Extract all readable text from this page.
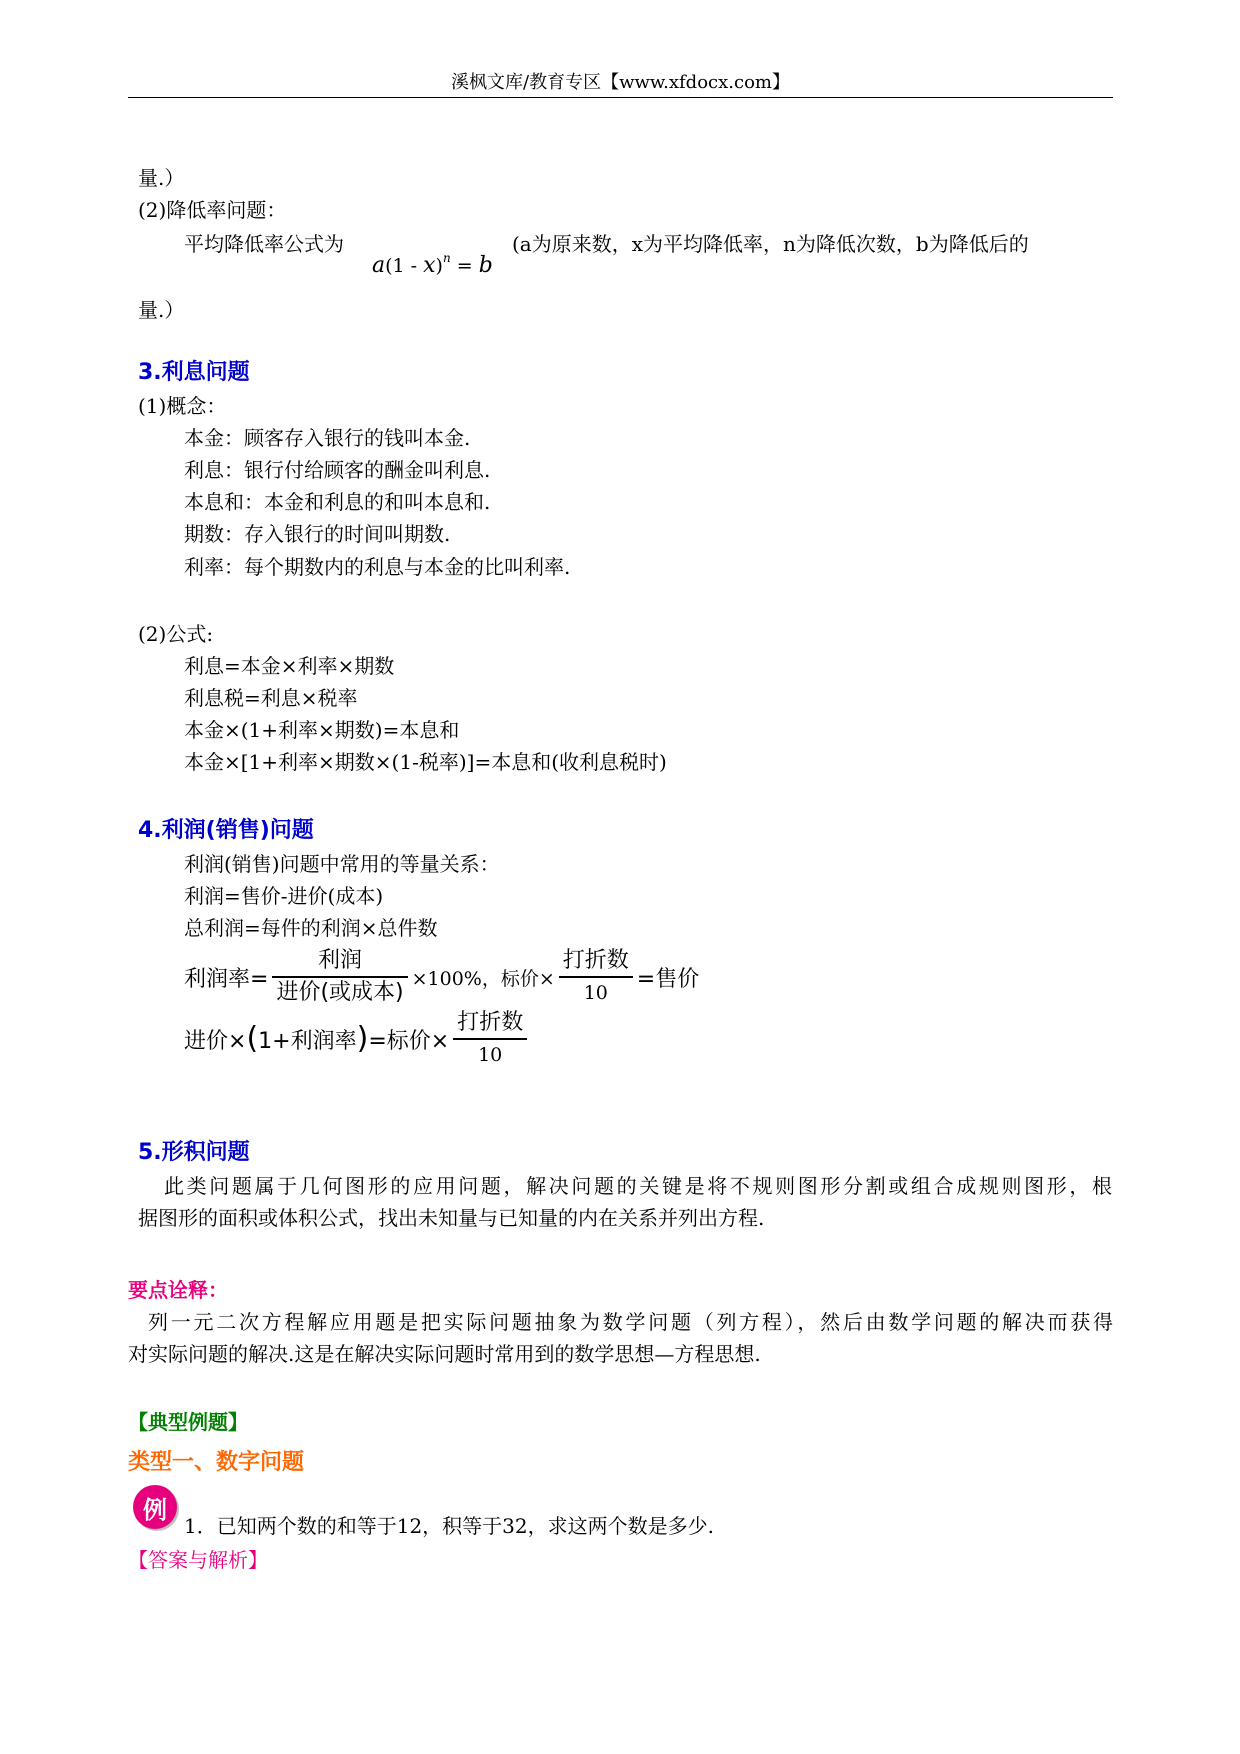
溪枫文库/教育专区【www.xfdocx.com】
量.）
(2)降低率问题：
平均降低率公式为
a(1 - x)$^n$ = b
(a为原来数，x为平均降低率，n为降低次数，b为降低后的
量.）
3.利息问题
(1)概念：
本金：顾客存入银行的钱叫本金.
利息：银行付给顾客的酬金叫利息.
本息和：本金和利息的和叫本息和.
期数：存入银行的时间叫期数.
利率：每个期数内的利息与本金的比叫利率.
(2)公式:
利息=本金×利率×期数
利息税=利息×税率
本金×(1+利率×期数)=本息和
本金×[1+利率×期数×(1-税率)]=本息和(收利息税时)
4.利润(销售)问题
利润(销售)问题中常用的等量关系：
利润=售价-进价(成本)
总利润=每件的利润×总件数
利润率= $\frac{\text{利润}}{\text{进价(或成本)}} \times 100\%$，标价× $\frac{\text{打折数}}{10}$ =售价
进价× ( 1+利润率 ) =标价× $\frac{\text{打折数}}{10}$
5.形积问题
此类问题属于几何图形的应用问题，解决问题的关键是将不规则图形分割或组合成规则图形，根
据图形的面积或体积公式，找出未知量与已知量的内在关系并列出方程.
要点诠释：
列一元二次方程解应用题是把实际问题抽象为数学问题（列方程），然后由数学问题的解决而获得
对实际问题的解决.这是在解决实际问题时常用到的数学思想—方程思想.
【典型例题】
类型一、数字问题
例
1．已知两个数的和等于12，积等于32，求这两个数是多少.
【答案与解析】
